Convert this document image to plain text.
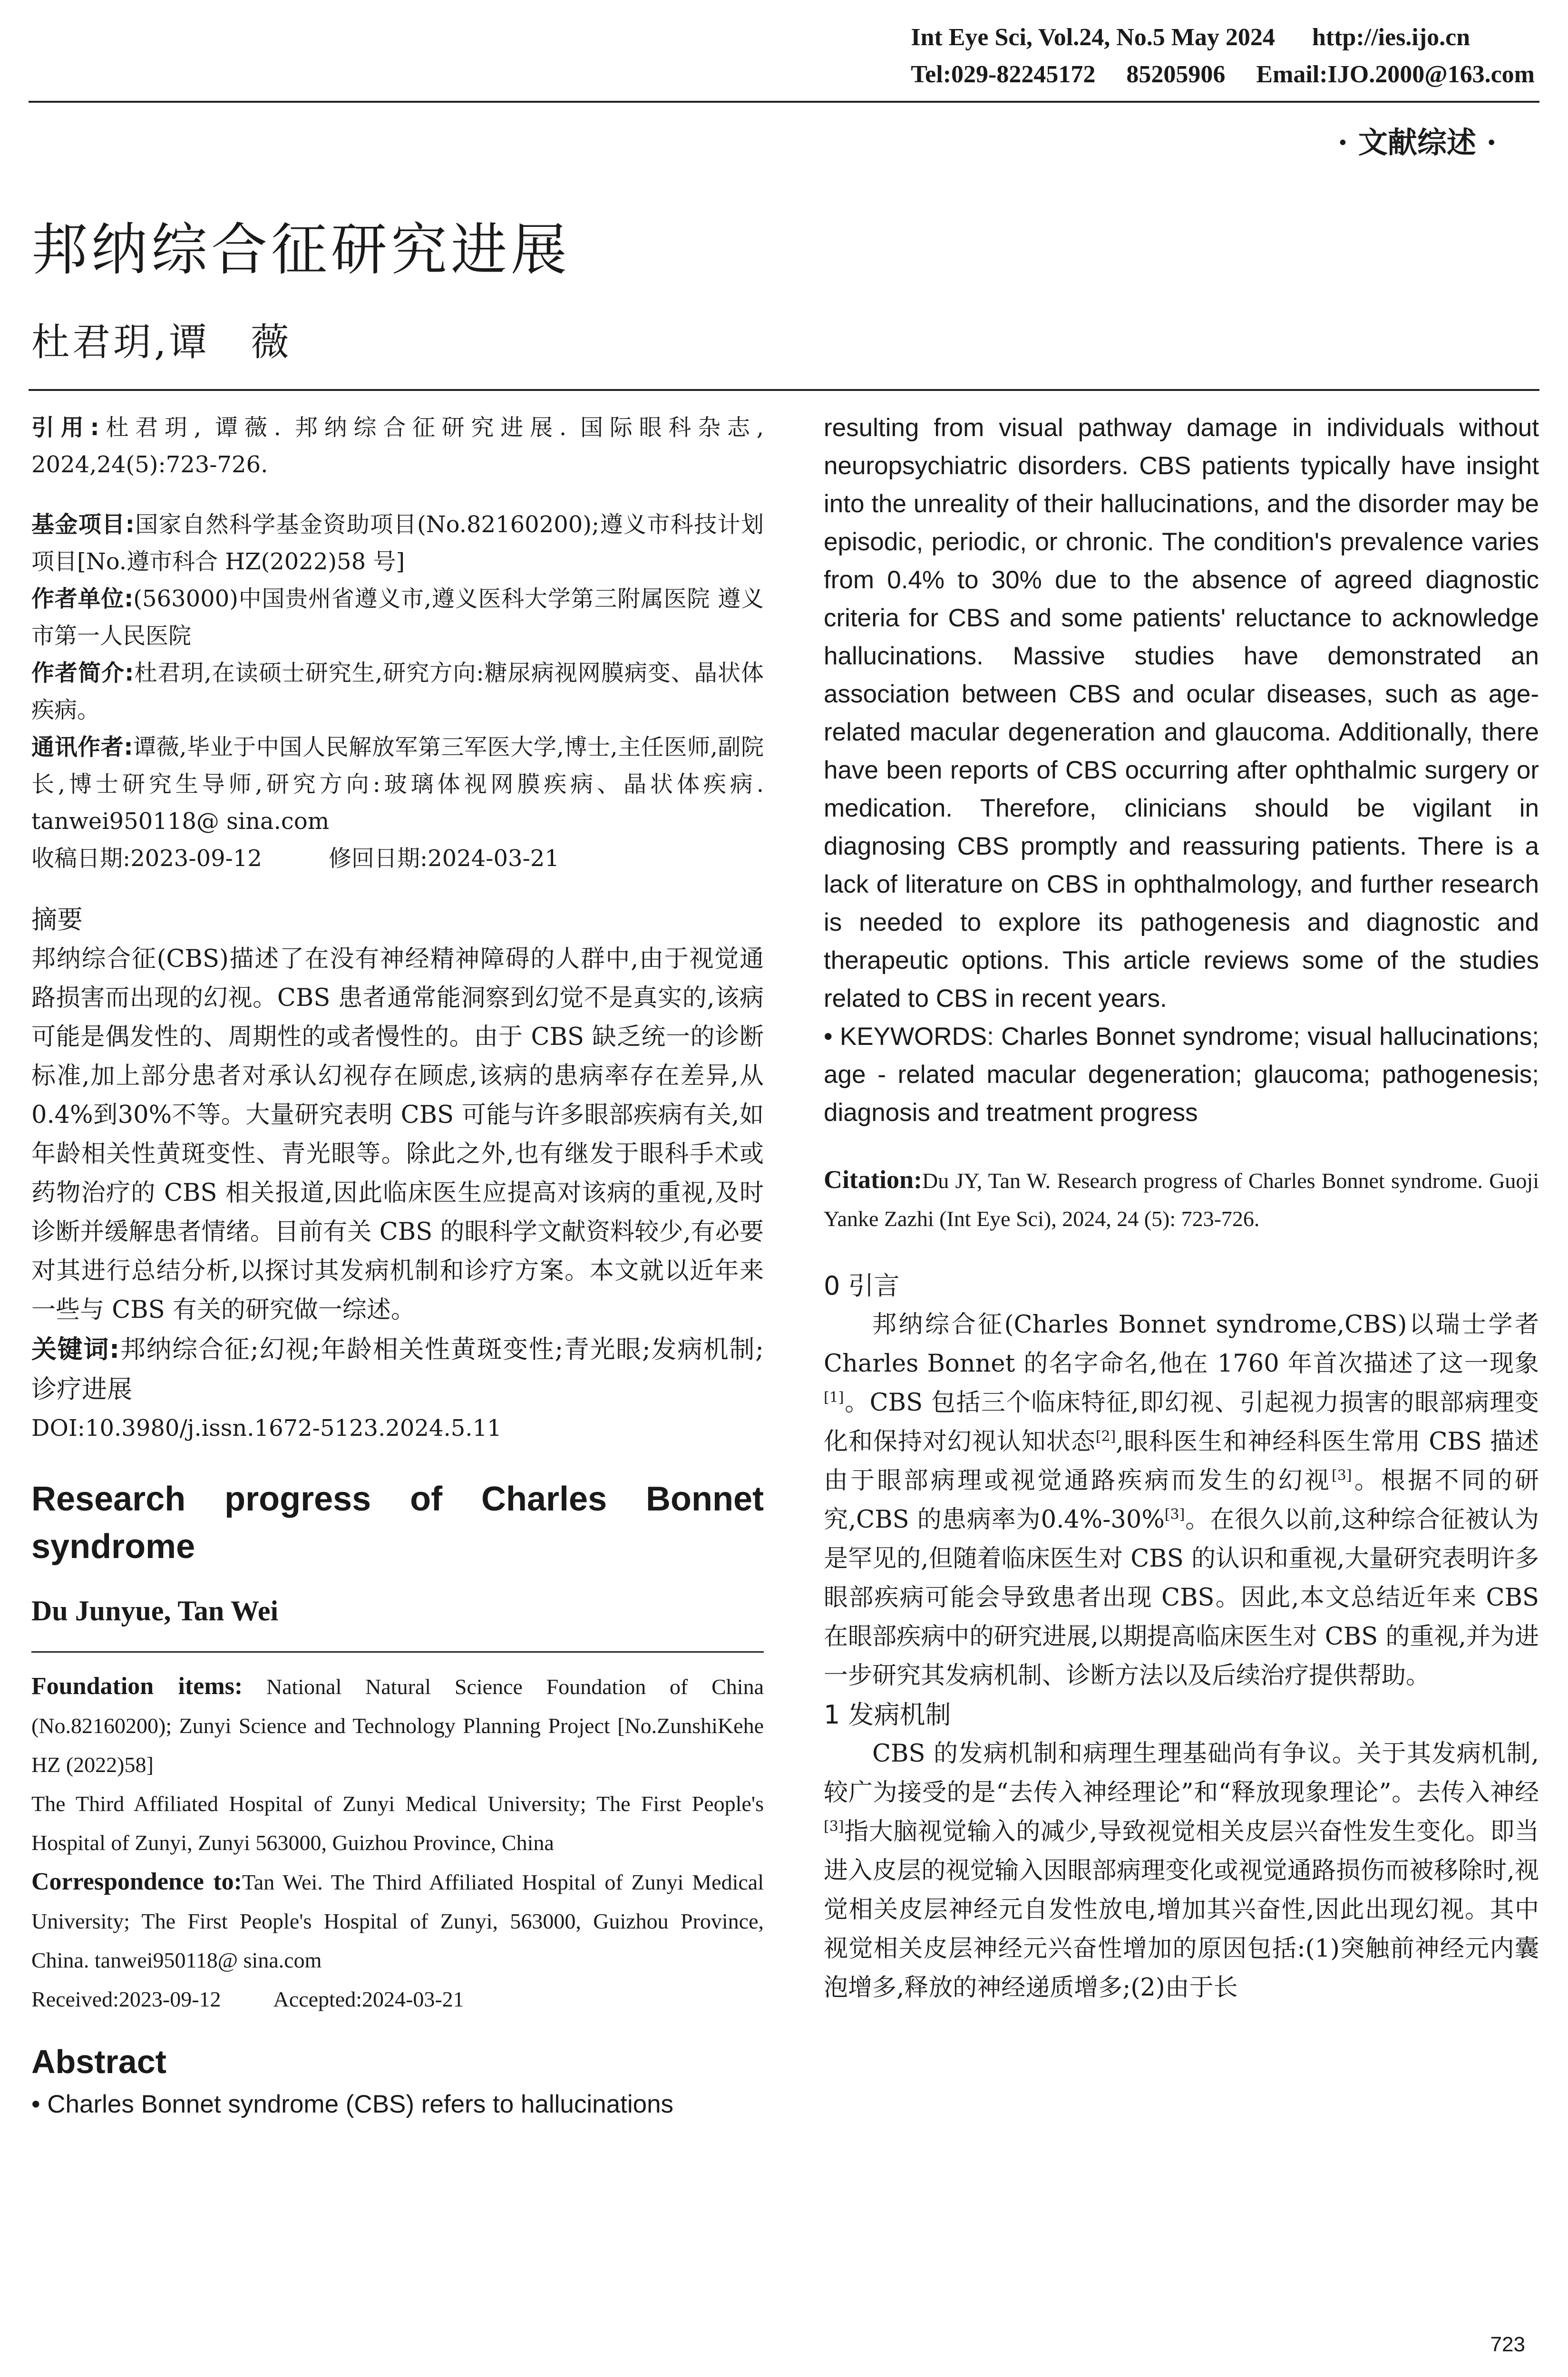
Int Eye Sci, Vol.24, No.5 May 2024 http://ies.ijo.cn
Tel:029-82245172 85205906 Email:IJO.2000@163.com
· 文献综述 ·
邦纳综合征研究进展
杜君玥,谭　薇

引用:杜君玥, 谭薇. 邦纳综合征研究进展. 国际眼科杂志, 2024,24(5):723-726.

基金项目:国家自然科学基金资助项目(No.82160200);遵义市科技计划项目[No.遵市科合 HZ(2022)58 号]

作者单位:(563000)中国贵州省遵义市,遵义医科大学第三附属医院 遵义市第一人民医院

作者简介:杜君玥,在读硕士研究生,研究方向:糖尿病视网膜病变、晶状体疾病。

通讯作者:谭薇,毕业于中国人民解放军第三军医大学,博士,主任医师,副院长,博士研究生导师,研究方向:玻璃体视网膜疾病、晶状体疾病. tanwei950118@ sina.com

收稿日期:2023-09-12	修回日期:2024-03-21

摘要

邦纳综合征(CBS)描述了在没有神经精神障碍的人群中,由于视觉通路损害而出现的幻视。CBS 患者通常能洞察到幻觉不是真实的,该病可能是偶发性的、周期性的或者慢性的。由于 CBS 缺乏统一的诊断标准,加上部分患者对承认幻视存在顾虑,该病的患病率存在差异,从 0.4%到30%不等。大量研究表明 CBS 可能与许多眼部疾病有关,如年龄相关性黄斑变性、青光眼等。除此之外,也有继发于眼科手术或药物治疗的 CBS 相关报道,因此临床医生应提高对该病的重视,及时诊断并缓解患者情绪。目前有关 CBS 的眼科学文献资料较少,有必要对其进行总结分析,以探讨其发病机制和诊疗方案。本文就以近年来一些与 CBS 有关的研究做一综述。

关键词:邦纳综合征;幻视;年龄相关性黄斑变性;青光眼;发病机制;诊疗进展

DOI:10.3980/j.issn.1672-5123.2024.5.11

Research progress of Charles Bonnet syndrome

Du Junyue, Tan Wei

Foundation items: National Natural Science Foundation of China (No.82160200); Zunyi Science and Technology Planning Project [No.ZunshiKehe HZ (2022)58]

The Third Affiliated Hospital of Zunyi Medical University; The First People's Hospital of Zunyi, Zunyi 563000, Guizhou Province, China

Correspondence to:Tan Wei. The Third Affiliated Hospital of Zunyi Medical University; The First People's Hospital of Zunyi, 563000, Guizhou Province, China. tanwei950118@ sina.com

Received:2023-09-12 Accepted:2024-03-21

Abstract

• Charles Bonnet syndrome (CBS) refers to hallucinations

resulting from visual pathway damage in individuals without neuropsychiatric disorders. CBS patients typically have insight into the unreality of their hallucinations, and the disorder may be episodic, periodic, or chronic. The condition's prevalence varies from 0.4% to 30% due to the absence of agreed diagnostic criteria for CBS and some patients' reluctance to acknowledge hallucinations. Massive studies have demonstrated an association between CBS and ocular diseases, such as age-related macular degeneration and glaucoma. Additionally, there have been reports of CBS occurring after ophthalmic surgery or medication. Therefore, clinicians should be vigilant in diagnosing CBS promptly and reassuring patients. There is a lack of literature on CBS in ophthalmology, and further research is needed to explore its pathogenesis and diagnostic and therapeutic options. This article reviews some of the studies related to CBS in recent years.

• KEYWORDS: Charles Bonnet syndrome; visual hallucinations; age - related macular degeneration; glaucoma; pathogenesis; diagnosis and treatment progress

Citation:Du JY, Tan W. Research progress of Charles Bonnet syndrome. Guoji Yanke Zazhi (Int Eye Sci), 2024, 24 (5): 723-726.

0 引言

邦纳综合征(Charles Bonnet syndrome,CBS)以瑞士学者 Charles Bonnet 的名字命名,他在 1760 年首次描述了这一现象[1]。CBS 包括三个临床特征,即幻视、引起视力损害的眼部病理变化和保持对幻视认知状态[2],眼科医生和神经科医生常用 CBS 描述由于眼部病理或视觉通路疾病而发生的幻视[3]。根据不同的研究,CBS 的患病率为0.4%-30%[3]。在很久以前,这种综合征被认为是罕见的,但随着临床医生对 CBS 的认识和重视,大量研究表明许多眼部疾病可能会导致患者出现 CBS。因此,本文总结近年来 CBS 在眼部疾病中的研究进展,以期提高临床医生对 CBS 的重视,并为进一步研究其发病机制、诊断方法以及后续治疗提供帮助。

1 发病机制

CBS 的发病机制和病理生理基础尚有争议。关于其发病机制,较广为接受的是“去传入神经理论”和“释放现象理论”。去传入神经[3]指大脑视觉输入的减少,导致视觉相关皮层兴奋性发生变化。即当进入皮层的视觉输入因眼部病理变化或视觉通路损伤而被移除时,视觉相关皮层神经元自发性放电,增加其兴奋性,因此出现幻视。其中视觉相关皮层神经元兴奋性增加的原因包括:(1)突触前神经元内囊泡增多,释放的神经递质增多;(2)由于长

723
